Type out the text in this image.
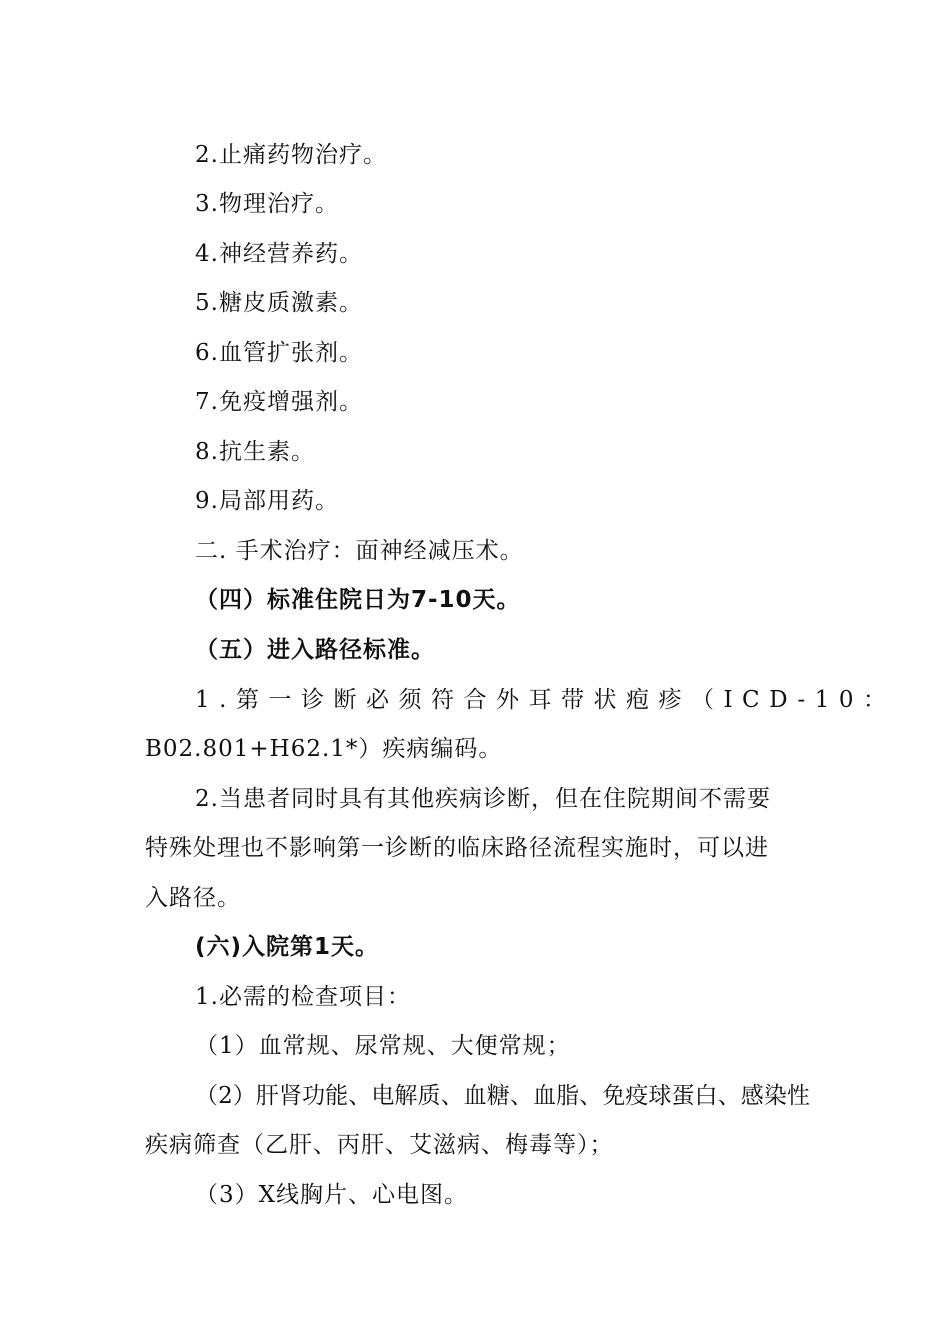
2.止痛药物治疗。
3.物理治疗。
4.神经营养药。
5.糖皮质激素。
6.血管扩张剂。
7.免疫增强剂。
8.抗生素。
9.局部用药。
二. 手术治疗：面神经减压术。
（四）标准住院日为7-10天。
（五）进入路径标准。
1.第一诊断必须符合外耳带状疱疹（ICD-10：
B02.801+H62.1*）疾病编码。
2.当患者同时具有其他疾病诊断，但在住院期间不需要
特殊处理也不影响第一诊断的临床路径流程实施时，可以进
入路径。
(六)入院第1天。
1.必需的检查项目：
（1）血常规、尿常规、大便常规；
（2）肝肾功能、电解质、血糖、血脂、免疫球蛋白、感染性
疾病筛查（乙肝、丙肝、艾滋病、梅毒等）；
（3）X线胸片、心电图。
